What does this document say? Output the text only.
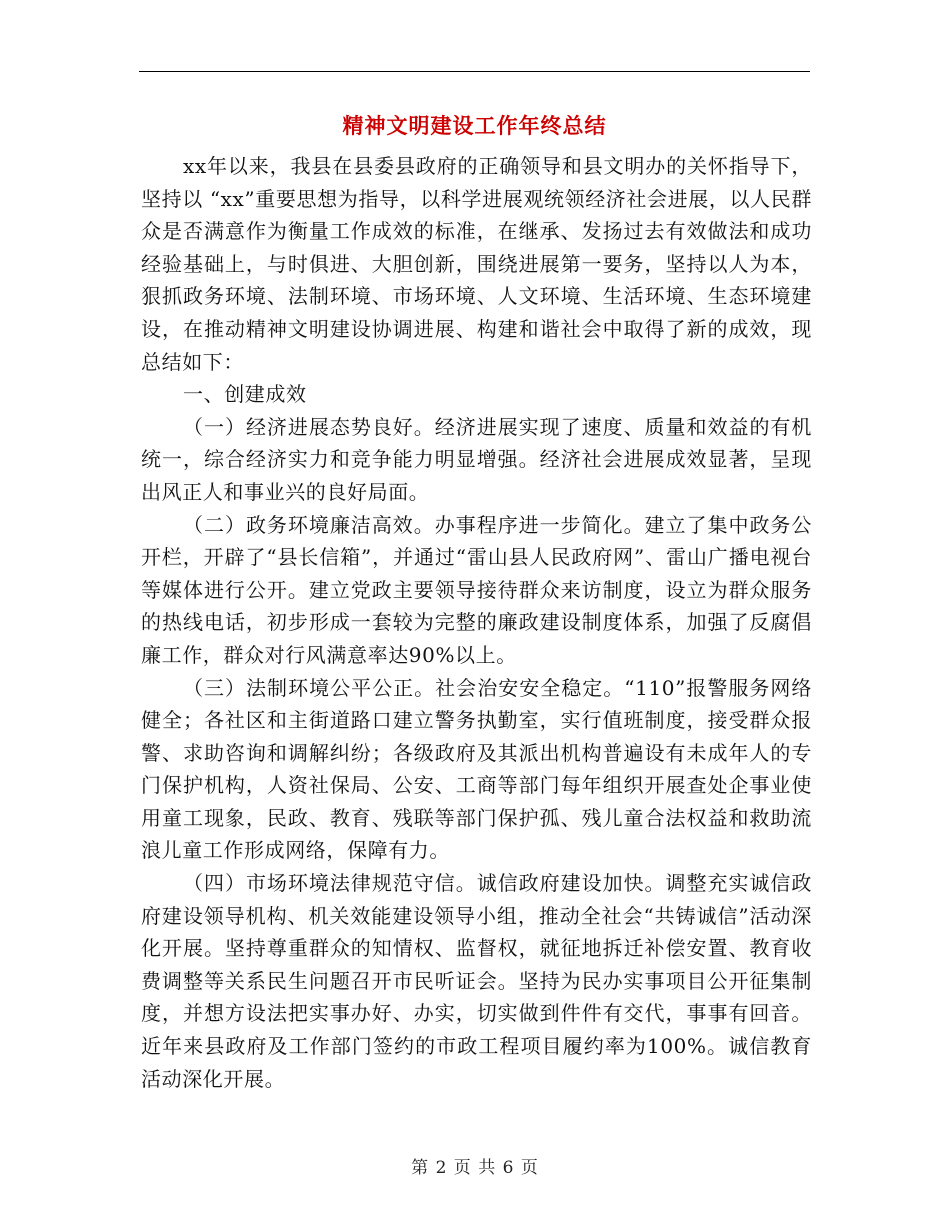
精神文明建设工作年终总结

xx年以来，我县在县委县政府的正确领导和县文明办的关怀指导下，坚持以 “xx”重要思想为指导，以科学进展观统领经济社会进展，以人民群众是否满意作为衡量工作成效的标准，在继承、发扬过去有效做法和成功经验基础上，与时俱进、大胆创新，围绕进展第一要务，坚持以人为本，狠抓政务环境、法制环境、市场环境、人文环境、生活环境、生态环境建设，在推动精神文明建设协调进展、构建和谐社会中取得了新的成效，现总结如下：

一、创建成效

（一）经济进展态势良好。经济进展实现了速度、质量和效益的有机统一，综合经济实力和竞争能力明显增强。经济社会进展成效显著，呈现出风正人和事业兴的良好局面。

（二）政务环境廉洁高效。办事程序进一步简化。建立了集中政务公开栏，开辟了“县长信箱”，并通过“雷山县人民政府网”、雷山广播电视台等媒体进行公开。建立党政主要领导接待群众来访制度，设立为群众服务的热线电话，初步形成一套较为完整的廉政建设制度体系，加强了反腐倡廉工作，群众对行风满意率达90%以上。

（三）法制环境公平公正。社会治安安全稳定。“110”报警服务网络健全；各社区和主街道路口建立警务执勤室，实行值班制度，接受群众报警、求助咨询和调解纠纷；各级政府及其派出机构普遍设有未成年人的专门保护机构，人资社保局、公安、工商等部门每年组织开展查处企事业使用童工现象，民政、教育、残联等部门保护孤、残儿童合法权益和救助流浪儿童工作形成网络，保障有力。

（四）市场环境法律规范守信。诚信政府建设加快。调整充实诚信政府建设领导机构、机关效能建设领导小组，推动全社会“共铸诚信”活动深化开展。坚持尊重群众的知情权、监督权，就征地拆迁补偿安置、教育收费调整等关系民生问题召开市民听证会。坚持为民办实事项目公开征集制度，并想方设法把实事办好、办实，切实做到件件有交代，事事有回音。近年来县政府及工作部门签约的市政工程项目履约率为100%。诚信教育活动深化开展。

第 2 页 共 6 页
